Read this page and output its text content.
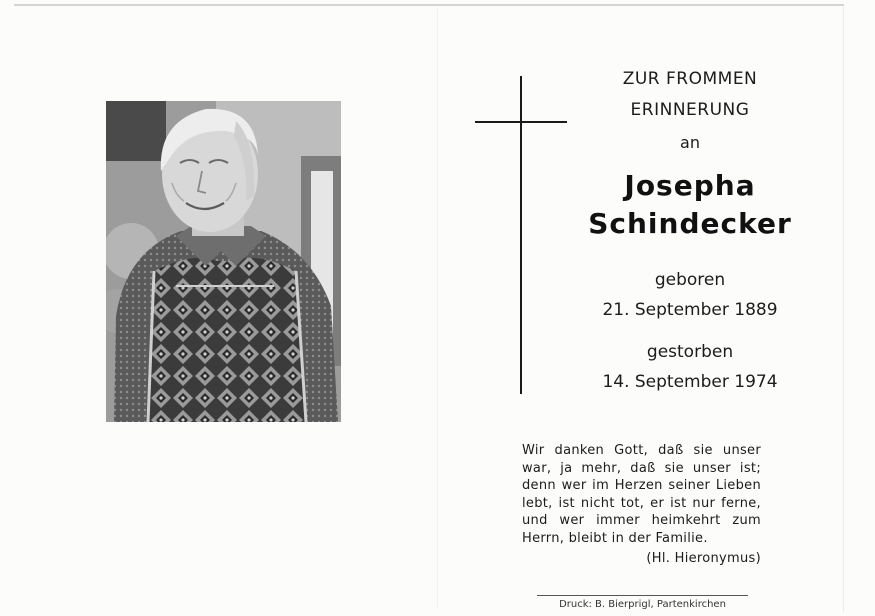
ZUR FROMMEN
ERINNERUNG
an
Josepha
Schindecker
geboren
21. September 1889
gestorben
14. September 1974
Wir danken Gott, daß sie unser
war, ja mehr, daß sie unser ist;
denn wer im Herzen seiner Lieben
lebt, ist nicht tot, er ist nur ferne,
und wer immer heimkehrt zum
Herrn, bleibt in der Familie.
(Hl. Hieronymus)
Druck: B. Bierprigl, Partenkirchen
